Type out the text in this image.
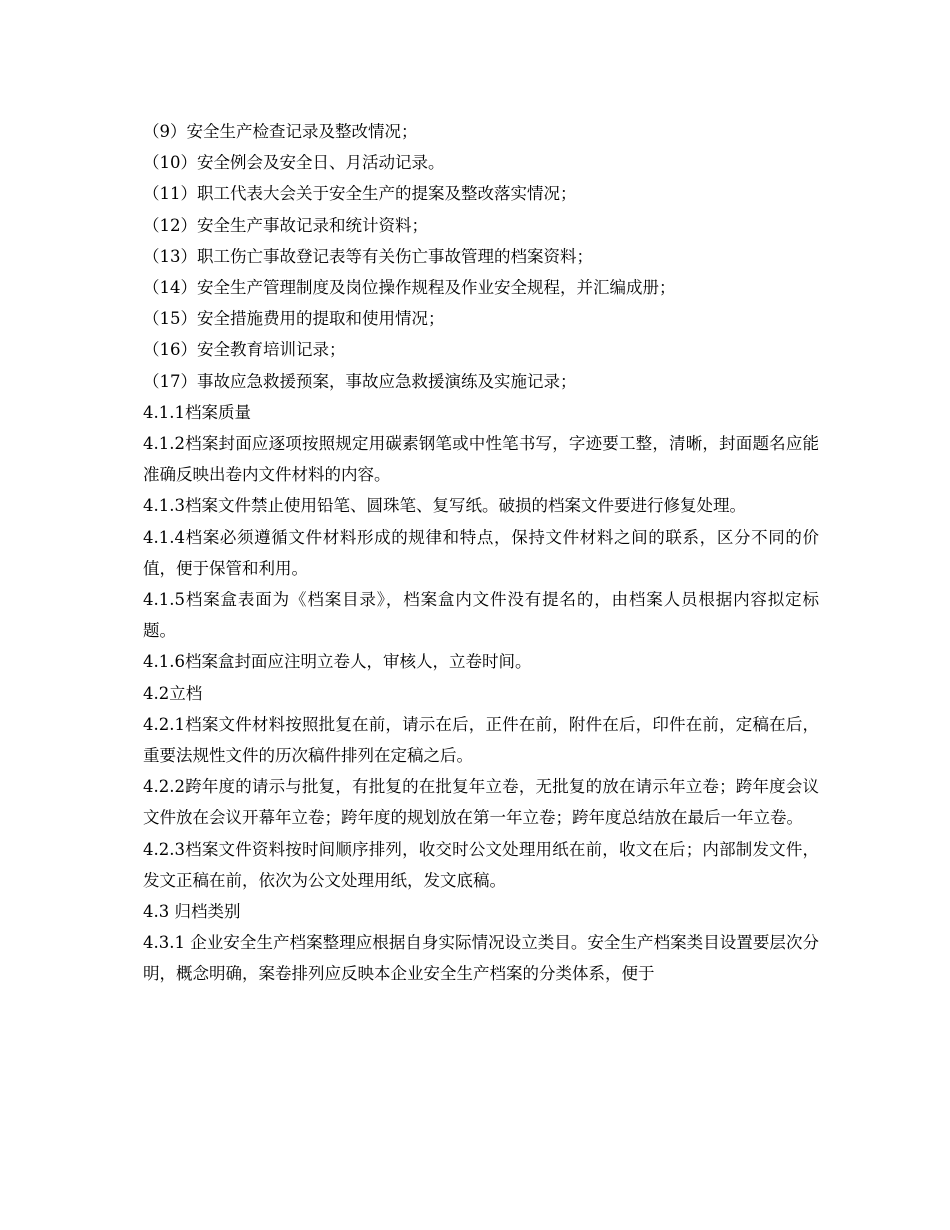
（9）安全生产检查记录及整改情况；

（10）安全例会及安全日、月活动记录。

（11）职工代表大会关于安全生产的提案及整改落实情况；

（12）安全生产事故记录和统计资料；

（13）职工伤亡事故登记表等有关伤亡事故管理的档案资料；

（14）安全生产管理制度及岗位操作规程及作业安全规程，并汇编成册；

（15）安全措施费用的提取和使用情况；

（16）安全教育培训记录；

（17）事故应急救援预案，事故应急救援演练及实施记录；

4.1.1档案质量

4.1.2档案封面应逐项按照规定用碳素钢笔或中性笔书写，字迹要工整，清晰，封面题名应能准确反映出卷内文件材料的内容。

4.1.3档案文件禁止使用铅笔、圆珠笔、复写纸。破损的档案文件要进行修复处理。

4.1.4档案必须遵循文件材料形成的规律和特点，保持文件材料之间的联系，区分不同的价值，便于保管和利用。

4.1.5档案盒表面为《档案目录》，档案盒内文件没有提名的，由档案人员根据内容拟定标题。

4.1.6档案盒封面应注明立卷人，审核人，立卷时间。

4.2立档

4.2.1档案文件材料按照批复在前，请示在后，正件在前，附件在后，印件在前，定稿在后，重要法规性文件的历次稿件排列在定稿之后。

4.2.2跨年度的请示与批复，有批复的在批复年立卷，无批复的放在请示年立卷；跨年度会议文件放在会议开幕年立卷；跨年度的规划放在第一年立卷；跨年度总结放在最后一年立卷。

4.2.3档案文件资料按时间顺序排列，收交时公文处理用纸在前，收文在后；内部制发文件，发文正稿在前，依次为公文处理用纸，发文底稿。

4.3 归档类别

4.3.1 企业安全生产档案整理应根据自身实际情况设立类目。安全生产档案类目设置要层次分明，概念明确，案卷排列应反映本企业安全生产档案的分类体系，便于
